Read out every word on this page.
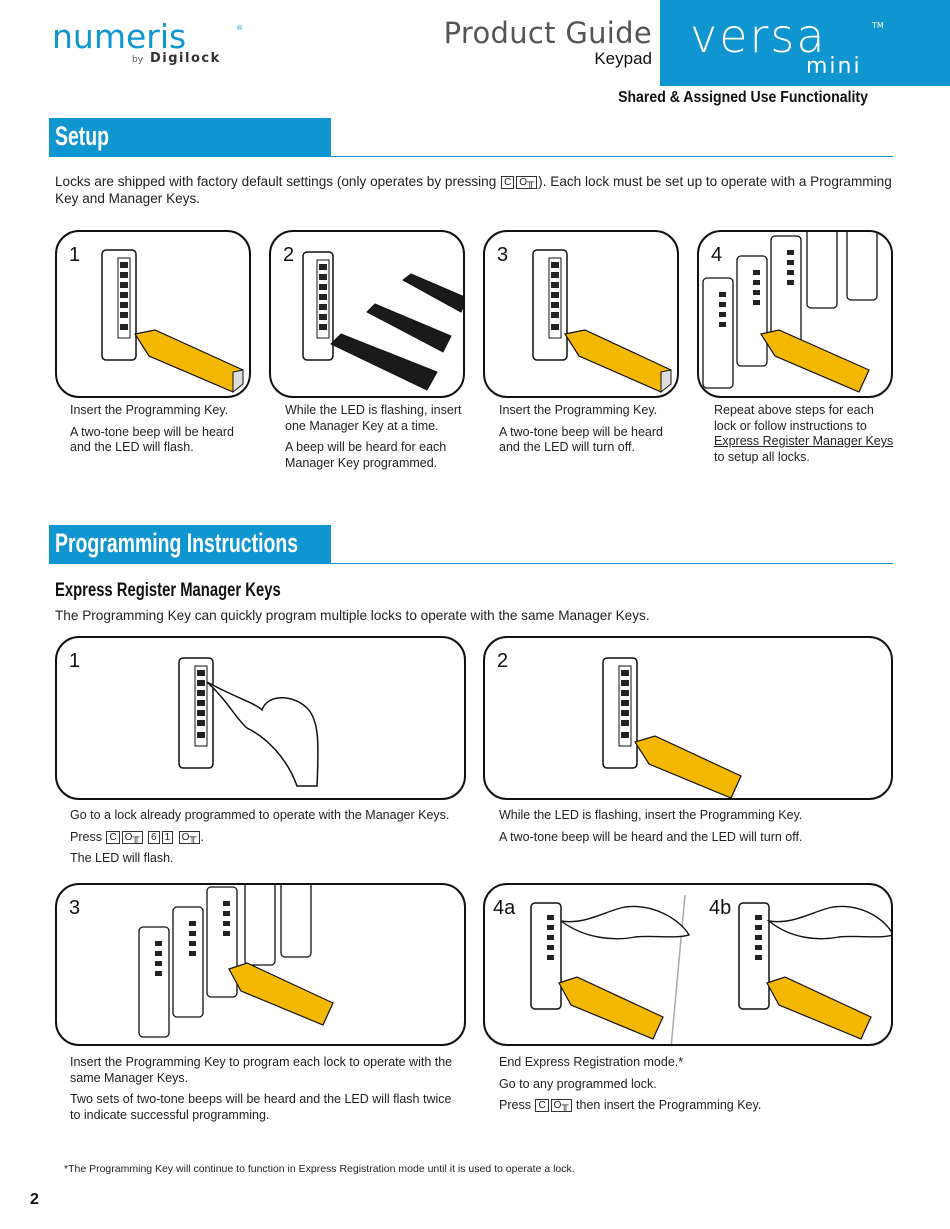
numeris	®
by Digilock
Product Guide
Keypad versa	TM
mini
Shared & Assigned Use Functionality
Setup
Locks are shipped with factory default settings (only operates by pressing C O╥ ). Each lock must be set up to operate with a Programming Key and Manager Keys.
1	2	3	4

Insert the Programming Key.

A two-tone beep will be heard and the LED will flash.

While the LED is flashing, insert one Manager Key at a time.

A beep will be heard for each Manager Key programmed.

Insert the Programming Key.

A two-tone beep will be heard and the LED will turn off.

Repeat above steps for each lock or follow instructions to Express Register Manager Keys to setup all locks.

Programming Instructions
Express Register Manager Keys
The Programming Key can quickly program multiple locks to operate with the same Manager Keys.
1	2

Go to a lock already programmed to operate with the Manager Keys.

Press C O╥ 6 1 O╥ .

The LED will flash.

While the LED is flashing, insert the Programming Key.

A two-tone beep will be heard and the LED will turn off.

3	4a	4b

Insert the Programming Key to program each lock to operate with the same Manager Keys.

Two sets of two-tone beeps will be heard and the LED will flash twice to indicate successful programming.

End Express Registration mode.*

Go to any programmed lock.

Press C O╥ then insert the Programming Key.

*The Programming Key will continue to function in Express Registration mode until it is used to operate a lock.
2
